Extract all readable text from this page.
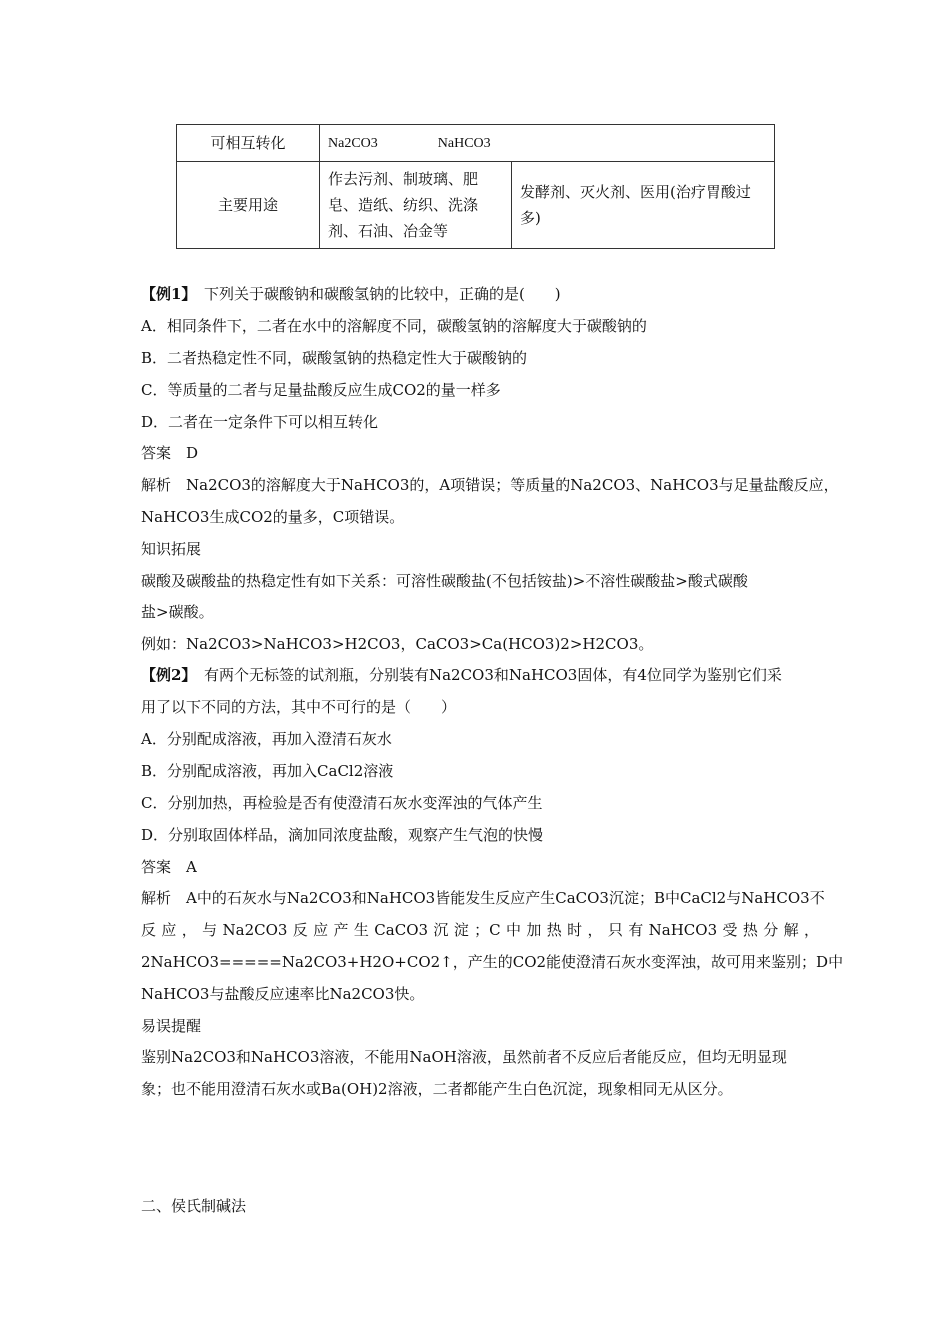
可相互转化	Na2CO3 NaHCO3	
主要用途	作去污剂、制玻璃、肥皂、造纸、纺织、洗涤剂、石油、冶金等	发酵剂、灭火剂、医用(治疗胃酸过多)
【例1】　 下列关于碳酸钠和碳酸氢钠的比较中，正确的是(　　)
A．相同条件下，二者在水中的溶解度不同，碳酸氢钠的溶解度大于碳酸钠的
B．二者热稳定性不同，碳酸氢钠的热稳定性大于碳酸钠的
C．等质量的二者与足量盐酸反应生成CO2的量一样多
D．二者在一定条件下可以相互转化
答案　D
解析　Na2CO3的溶解度大于NaHCO3的，A项错误；等质量的Na2CO3、NaHCO3与足量盐酸反应，
NaHCO3生成CO2的量多，C项错误。
知识拓展
碳酸及碳酸盐的热稳定性有如下关系：可溶性碳酸盐(不包括铵盐)>不溶性碳酸盐>酸式碳酸
盐>碳酸。
例如：Na2CO3>NaHCO3>H2CO3，CaCO3>Ca(HCO3)2>H2CO3。
【例2】　 有两个无标签的试剂瓶，分别装有Na2CO3和NaHCO3固体，有4位同学为鉴别它们采
用了以下不同的方法，其中不可行的是（　　）
A．分别配成溶液，再加入澄清石灰水
B．分别配成溶液，再加入CaCl2溶液
C．分别加热，再检验是否有使澄清石灰水变浑浊的气体产生
D．分别取固体样品，滴加同浓度盐酸，观察产生气泡的快慢
答案　A
解析　A中的石灰水与Na2CO3和NaHCO3皆能发生反应产生CaCO3沉淀；B中CaCl2与NaHCO3不
反应，与Na2CO3反应产生CaCO3沉淀；C中加热时，只有NaHCO3受热分解，
2NaHCO3=====Na2CO3+H2O+CO2↑，产生的CO2能使澄清石灰水变浑浊，故可用来鉴别；D中
NaHCO3与盐酸反应速率比Na2CO3快。
易误提醒
鉴别Na2CO3和NaHCO3溶液，不能用NaOH溶液，虽然前者不反应后者能反应，但均无明显现
象；也不能用澄清石灰水或Ba(OH)2溶液，二者都能产生白色沉淀，现象相同无从区分。
二、侯氏制碱法
